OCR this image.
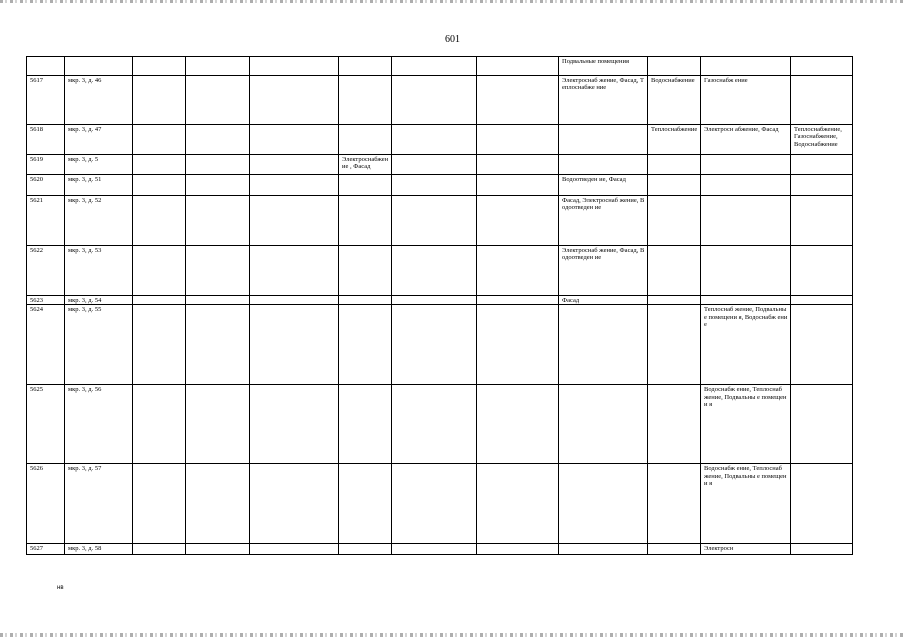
601
								Подвальные помещения			
5617	мкр. 3, д. 46							Электроснаб жение, Фасад, Теплоснабже ние	Водоснабжение	Газоснабж ение	
5618	мкр. 3, д. 47								Теплоснабжение	Электросн абжение, Фасад	Теплоснабжение, Газоснабжение, Водоснабжение
5619	мкр. 3, д. 5				Электроснабжение , Фасад						
5620	мкр. 3, д. 51							Водоотведен ие, Фасад			
5621	мкр. 3, д. 52							Фасад, Электроснаб жение, Водоотведен ие			
5622	мкр. 3, д. 53							Электроснаб жение, Фасад, Водоотведен ие			
5623	мкр. 3, д. 54							Фасад			
5624	мкр. 3, д. 55									Теплоснаб жение, Подвальны е помещени я, Водоснабж ение	
5625	мкр. 3, д. 56									Водоснабж ение, Теплоснаб жение, Подвальны е помещени я	
5626	мкр. 3, д. 57									Водоснабж ение, Теплоснаб жение, Подвальны е помещени я	
5627	мкр. 3, д. 58									Электросн	
нв
